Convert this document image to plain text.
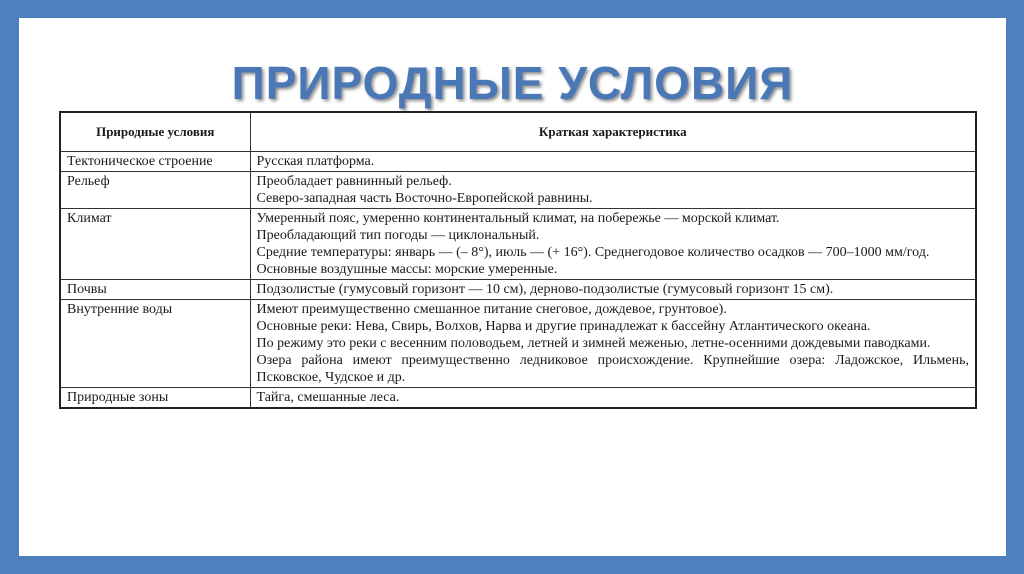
ПРИРОДНЫЕ УСЛОВИЯ
Природные условия	Краткая характеристика
Тектоническое строение	Русская платформа.

Рельеф	Преобладает равнинный рельеф.
Северо-западная часть Восточно-Европейской равнины.

Климат	Умеренный пояс, умеренно континентальный климат, на побережье — морской климат.
Преобладающий тип погоды — циклональный.
Средние температуры: январь — (– 8°), июль — (+ 16°). Среднегодовое количество осадков — 700–1000 мм/год.
Основные воздушные массы: морские умеренные.

Почвы	Подзолистые (гумусовый горизонт — 10 см), дерново-подзолистые (гумусовый горизонт 15 см).

Внутренние воды	Имеют преимущественно смешанное питание снеговое, дождевое, грунтовое).
Основные реки: Нева, Свирь, Волхов, Нарва и другие принадлежат к бассейну Атлантического океана.
По режиму это реки с весенним половодьем, летней и зимней меженью, летне-осенними дождевыми паводками.
Озера района имеют преимущественно ледниковое происхождение. Крупнейшие озера: Ладожское, Ильмень, Псковское, Чудское и др.

Природные зоны	Тайга, смешанные леса.
